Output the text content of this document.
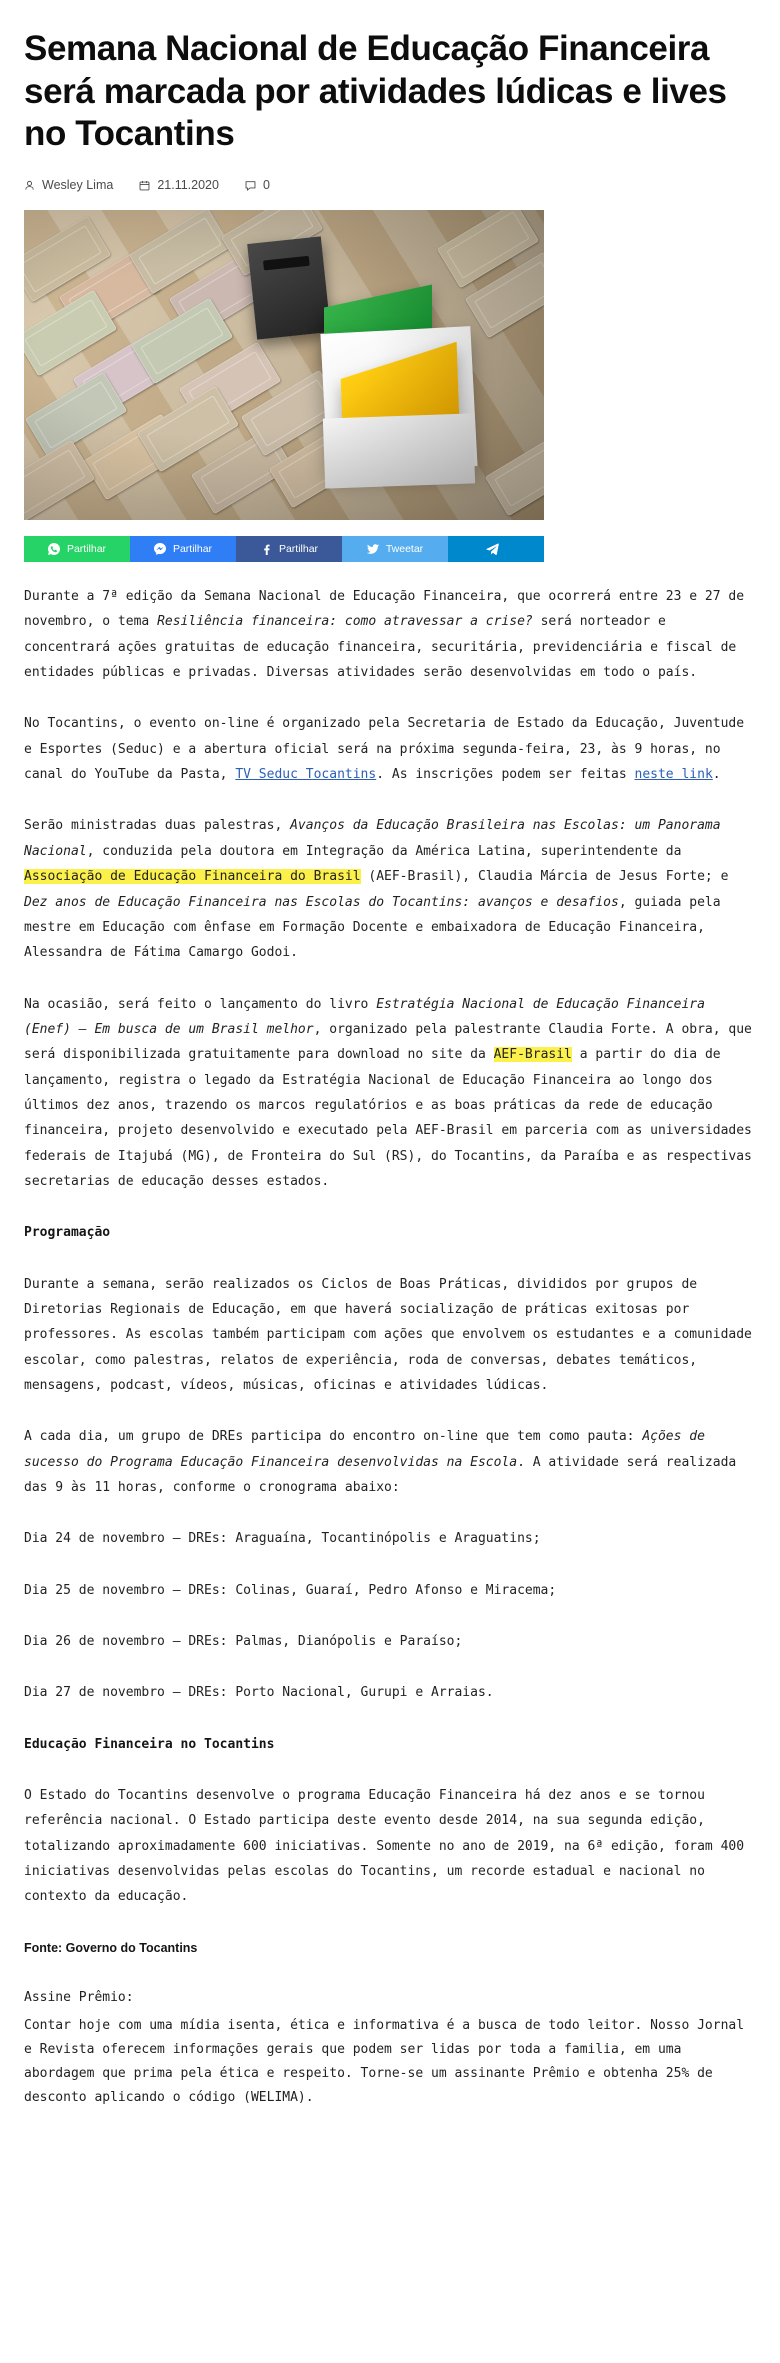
Semana Nacional de Educação Financeira será marcada por atividades lúdicas e lives no Tocantins
Wesley Lima	21.11.2020	0
Partilhar	Partilhar	Partilhar	Tweetar

Durante a 7ª edição da Semana Nacional de Educação Financeira, que ocorrerá entre 23 e 27 de novembro, o tema Resiliência financeira: como atravessar a crise? será norteador e concentrará ações gratuitas de educação financeira, securitária, previdenciária e fiscal de entidades públicas e privadas. Diversas atividades serão desenvolvidas em todo o país.

No Tocantins, o evento on-line é organizado pela Secretaria de Estado da Educação, Juventude e Esportes (Seduc) e a abertura oficial será na próxima segunda-feira, 23, às 9 horas, no canal do YouTube da Pasta, TV Seduc Tocantins. As inscrições podem ser feitas neste link.

Serão ministradas duas palestras, Avanços da Educação Brasileira nas Escolas: um Panorama Nacional, conduzida pela doutora em Integração da América Latina, superintendente da Associação de Educação Financeira do Brasil (AEF-Brasil), Claudia Márcia de Jesus Forte; e Dez anos de Educação Financeira nas Escolas do Tocantins: avanços e desafios, guiada pela mestre em Educação com ênfase em Formação Docente e embaixadora de Educação Financeira, Alessandra de Fátima Camargo Godoi.

Na ocasião, será feito o lançamento do livro Estratégia Nacional de Educação Financeira (Enef) – Em busca de um Brasil melhor, organizado pela palestrante Claudia Forte. A obra, que será disponibilizada gratuitamente para download no site da AEF-Brasil a partir do dia de lançamento, registra o legado da Estratégia Nacional de Educação Financeira ao longo dos últimos dez anos, trazendo os marcos regulatórios e as boas práticas da rede de educação financeira, projeto desenvolvido e executado pela AEF-Brasil em parceria com as universidades federais de Itajubá (MG), de Fronteira do Sul (RS), do Tocantins, da Paraíba e as respectivas secretarias de educação desses estados.

Programação

Durante a semana, serão realizados os Ciclos de Boas Práticas, divididos por grupos de Diretorias Regionais de Educação, em que haverá socialização de práticas exitosas por professores. As escolas também participam com ações que envolvem os estudantes e a comunidade escolar, como palestras, relatos de experiência, roda de conversas, debates temáticos, mensagens, podcast, vídeos, músicas, oficinas e atividades lúdicas.

A cada dia, um grupo de DREs participa do encontro on-line que tem como pauta: Ações de sucesso do Programa Educação Financeira desenvolvidas na Escola. A atividade será realizada das 9 às 11 horas, conforme o cronograma abaixo:

Dia 24 de novembro – DREs: Araguaína, Tocantinópolis e Araguatins;

Dia 25 de novembro – DREs: Colinas, Guaraí, Pedro Afonso e Miracema;

Dia 26 de novembro – DREs: Palmas, Dianópolis e Paraíso;

Dia 27 de novembro – DREs: Porto Nacional, Gurupi e Arraias.

Educação Financeira no Tocantins

O Estado do Tocantins desenvolve o programa Educação Financeira há dez anos e se tornou referência nacional. O Estado participa deste evento desde 2014, na sua segunda edição, totalizando aproximadamente 600 iniciativas. Somente no ano de 2019, na 6ª edição, foram 400 iniciativas desenvolvidas pelas escolas do Tocantins, um recorde estadual e nacional no contexto da educação.

Fonte: Governo do Tocantins

Assine Prêmio:

Contar hoje com uma mídia isenta, ética e informativa é a busca de todo leitor. Nosso Jornal e Revista oferecem informações gerais que podem ser lidas por toda a familia, em uma abordagem que prima pela ética e respeito. Torne-se um assinante Prêmio e obtenha 25% de desconto aplicando o código (WELIMA).
